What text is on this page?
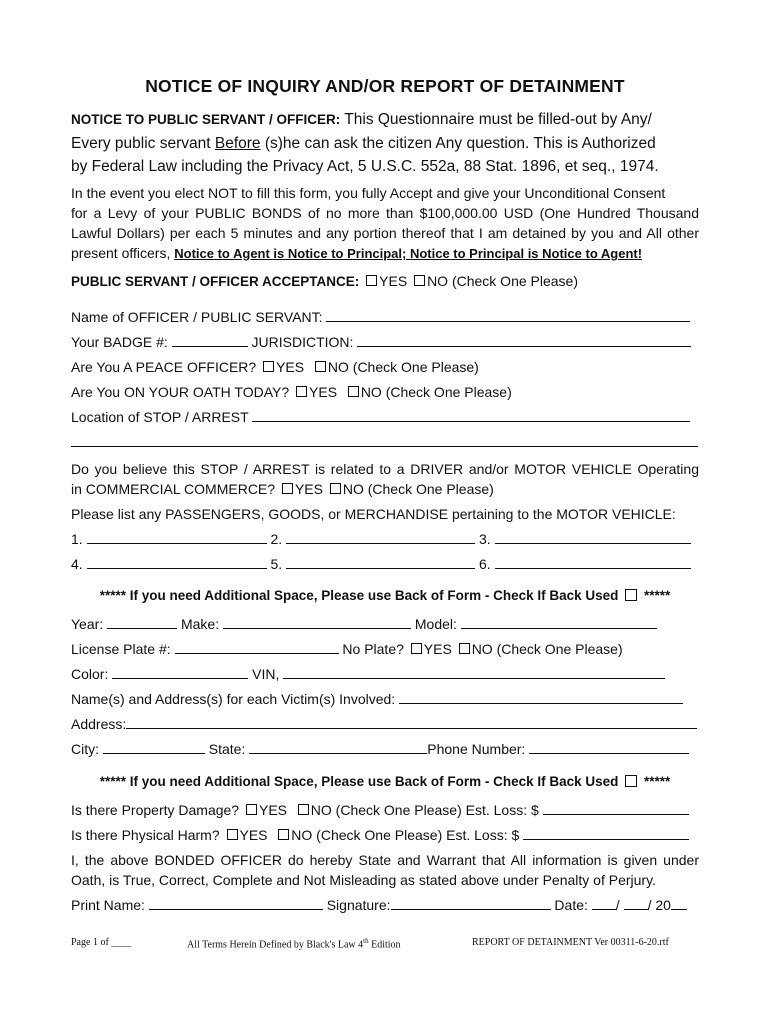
NOTICE OF INQUIRY AND/OR REPORT OF DETAINMENT
NOTICE TO PUBLIC SERVANT / OFFICER: This Questionnaire must be filled-out by Any/
Every public servant Before (s)he can ask the citizen Any question. This is Authorized
by Federal Law including the Privacy Act, 5 U.S.C. 552a, 88 Stat. 1896, et seq., 1974.
In the event you elect NOT to fill this form, you fully Accept and give your Unconditional Consent
for a Levy of your PUBLIC BONDS of no more than $100,000.00 USD (One Hundred Thousand
Lawful Dollars) per each 5 minutes and any portion thereof that I am detained by you and All other
present officers, Notice to Agent is Notice to Principal; Notice to Principal is Notice to Agent!
PUBLIC SERVANT / OFFICER ACCEPTANCE: YES NO (Check One Please)
Name of OFFICER / PUBLIC SERVANT:
Your BADGE #:	JURISDICTION:
Are You A PEACE OFFICER? YES NO (Check One Please)
Are You ON YOUR OATH TODAY? YES NO (Check One Please)
Location of STOP / ARREST
Do you believe this STOP / ARREST is related to a DRIVER and/or MOTOR VEHICLE Operating
in COMMERCIAL COMMERCE? YES NO (Check One Please)
Please list any PASSENGERS, GOODS, or MERCHANDISE pertaining to the MOTOR VEHICLE:
1.	2.	3.
4.	5.	6.
***** If you need Additional Space, Please use Back of Form - Check If Back Used  *****
Year:	Make:	Model:
License Plate #:	No Plate? YES NO (Check One Please)
Color:	VIN,
Name(s) and Address(s) for each Victim(s) Involved:
Address:
City:	State:	Phone Number:
***** If you need Additional Space, Please use Back of Form - Check If Back Used  *****
Is there Property Damage? YES NO (Check One Please) Est. Loss: $
Is there Physical Harm? YES NO (Check One Please) Est. Loss: $
I, the above BONDED OFFICER do hereby State and Warrant that All information is given under
Oath, is True, Correct, Complete and Not Misleading as stated above under Penalty of Perjury.
Print Name:	Signature:	Date: / / 20
Page 1 of ____	All Terms Herein Defined by Black's Law 4th Edition	REPORT OF DETAINMENT Ver 00311-6-20.rtf
